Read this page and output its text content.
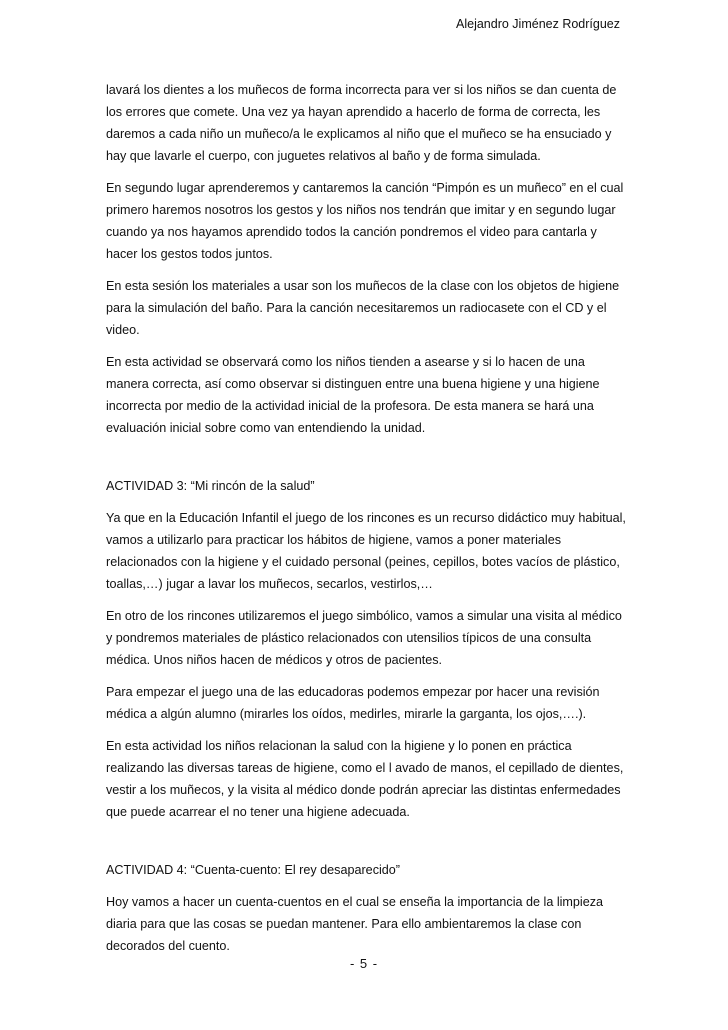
Alejandro Jiménez Rodríguez

lavará los dientes a los muñecos de forma incorrecta para ver si los niños se dan cuenta de los errores que comete. Una vez ya hayan aprendido a hacerlo de forma de correcta, les daremos a cada niño un muñeco/a le explicamos al niño que el muñeco se ha ensuciado y hay que lavarle el cuerpo, con juguetes relativos al baño y de forma simulada.

En segundo lugar aprenderemos y cantaremos la canción “Pimpón es un muñeco” en el cual primero haremos nosotros los gestos y los niños nos tendrán que imitar y en segundo lugar cuando ya nos hayamos aprendido todos la canción pondremos el video para cantarla y hacer los gestos todos juntos.

En esta sesión los materiales a usar son los muñecos de la clase con los objetos de higiene para la simulación del baño. Para la canción necesitaremos un radiocasete con el CD y el video.

En esta actividad se observará como los niños tienden a asearse y si lo hacen de una manera correcta, así como observar si distinguen entre una buena higiene y una higiene incorrecta por medio de la actividad inicial de la profesora. De esta manera se hará una evaluación inicial sobre como van entendiendo la unidad.

ACTIVIDAD 3: “Mi rincón de la salud”

Ya que en la Educación Infantil el juego de los rincones es un recurso didáctico muy habitual, vamos a utilizarlo para practicar los hábitos de higiene, vamos a poner materiales relacionados con la higiene y el cuidado personal (peines, cepillos, botes vacíos de plástico, toallas,…) jugar a lavar los muñecos, secarlos, vestirlos,…

En otro de los rincones utilizaremos el juego simbólico, vamos a simular una visita al médico y pondremos materiales de plástico relacionados con utensilios típicos de una consulta médica. Unos niños hacen de médicos y otros de pacientes.

Para empezar el juego una de las educadoras podemos empezar por hacer una revisión médica a algún alumno (mirarles los oídos, medirles, mirarle la garganta, los ojos,….).

En esta actividad los niños relacionan la salud con la higiene y lo ponen en práctica realizando las diversas tareas de higiene, como el l avado de manos, el cepillado de dientes, vestir a los muñecos, y la visita al médico donde podrán apreciar las distintas enfermedades que puede acarrear el no tener una higiene adecuada.

ACTIVIDAD 4: “Cuenta-cuento: El rey desaparecido”

Hoy vamos a hacer un cuenta-cuentos en el cual se enseña la importancia de la limpieza diaria para que las cosas se puedan mantener. Para ello ambientaremos la clase con decorados del cuento.

- 5 -
